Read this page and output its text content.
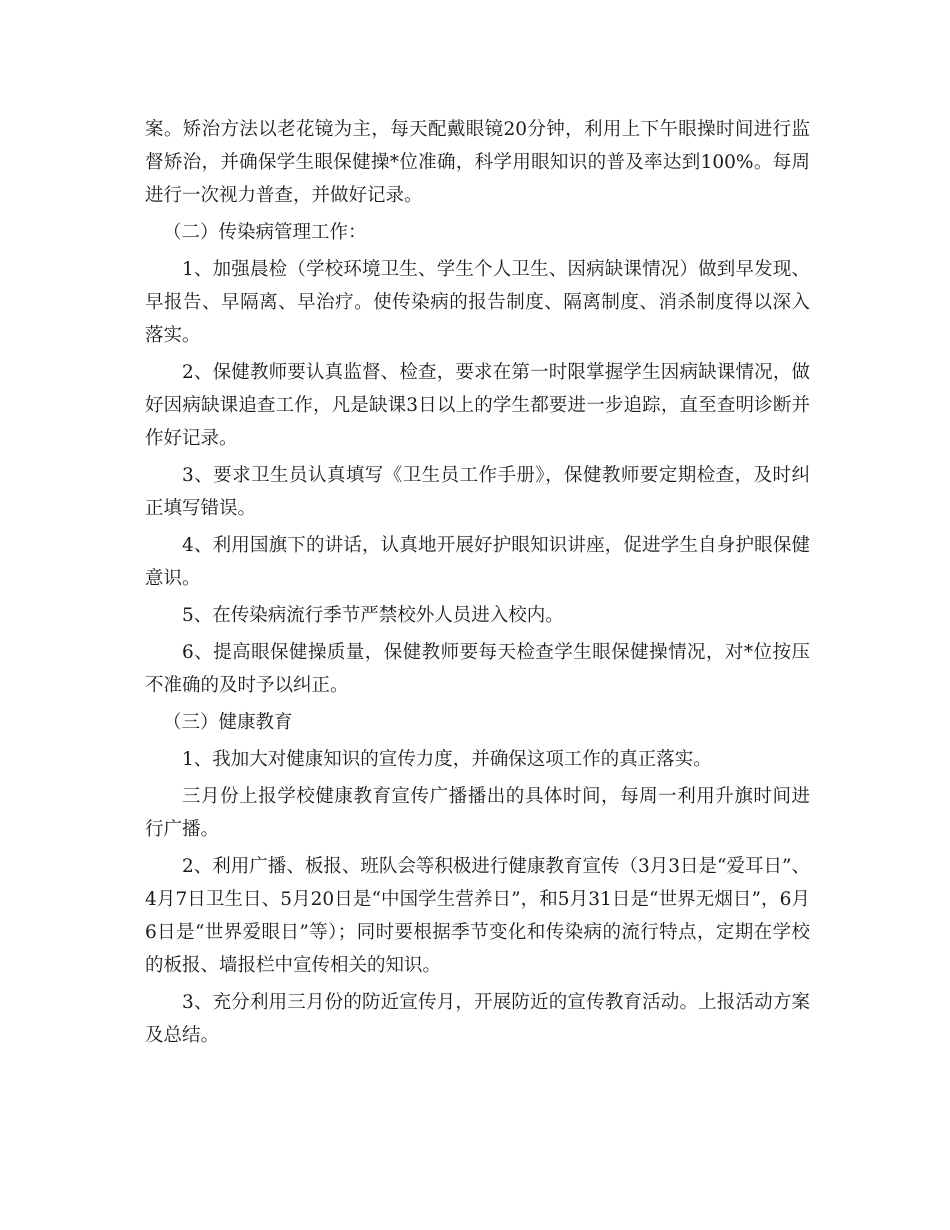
案。矫治方法以老花镜为主，每天配戴眼镜20分钟，利用上下午眼操时间进行监督矫治，并确保学生眼保健操*位准确，科学用眼知识的普及率达到100%。每周进行一次视力普查，并做好记录。

（二）传染病管理工作：

1、加强晨检（学校环境卫生、学生个人卫生、因病缺课情况）做到早发现、早报告、早隔离、早治疗。使传染病的报告制度、隔离制度、消杀制度得以深入落实。

2、保健教师要认真监督、检查，要求在第一时限掌握学生因病缺课情况，做好因病缺课追查工作，凡是缺课3日以上的学生都要进一步追踪，直至查明诊断并作好记录。

3、要求卫生员认真填写《卫生员工作手册》，保健教师要定期检查，及时纠正填写错误。

4、利用国旗下的讲话，认真地开展好护眼知识讲座，促进学生自身护眼保健意识。

5、在传染病流行季节严禁校外人员进入校内。

6、提高眼保健操质量，保健教师要每天检查学生眼保健操情况，对*位按压不准确的及时予以纠正。

（三）健康教育

1、我加大对健康知识的宣传力度，并确保这项工作的真正落实。

三月份上报学校健康教育宣传广播播出的具体时间，每周一利用升旗时间进行广播。

2、利用广播、板报、班队会等积极进行健康教育宣传（3月3日是“爱耳日”、4月7日卫生日、5月20日是“中国学生营养日”，和5月31日是“世界无烟日”，6月6日是“世界爱眼日”等）；同时要根据季节变化和传染病的流行特点，定期在学校的板报、墙报栏中宣传相关的知识。

3、充分利用三月份的防近宣传月，开展防近的宣传教育活动。上报活动方案及总结。
